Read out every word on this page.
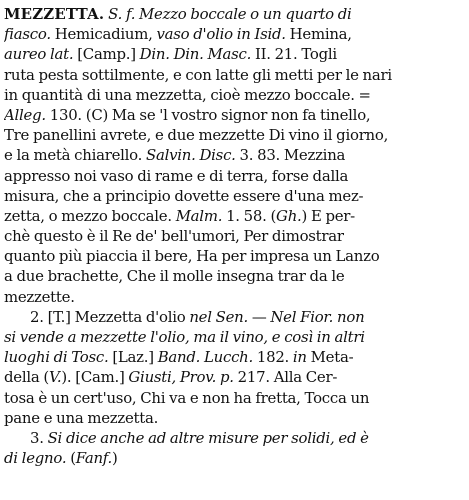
MEZZETTA. S. f. Mezzo boccale o un quarto di
fiasco. Hemicadium, vaso d'olio in Isid. Hemina,
aureo lat. [Camp.] Din. Din. Masc. II. 21. Togli
ruta pesta sottilmente, e con latte gli metti per le nari
in quantità di una mezzetta, cioè mezzo boccale. =
Alleg. 130. (C) Ma se 'l vostro signor non fa tinello,
Tre panellini avrete, e due mezzette Di vino il giorno,
e la metà chiarello. Salvin. Disc. 3. 83. Mezzina
appresso noi vaso di rame e di terra, forse dalla
misura, che a principio dovette essere d'una mez-
zetta, o mezzo boccale. Malm. 1. 58. (Gh.) E per-
chè questo è il Re de' bell'umori, Per dimostrar
quanto più piaccia il bere, Ha per impresa un Lanzo
a due brachette, Che il molle insegna trar da le
mezzette.
2. [T.] Mezzetta d'olio nel Sen. — Nel Fior. non
si vende a mezzette l'olio, ma il vino, e così in altri
luoghi di Tosc. [Laz.] Band. Lucch. 182. in Meta-
della (V.). [Cam.] Giusti, Prov. p. 217. Alla Cer-
tosa è un cert'uso, Chi va e non ha fretta, Tocca un
pane e una mezzetta.
3. Si dice anche ad altre misure per solidi, ed è
di legno. (Fanf.)
